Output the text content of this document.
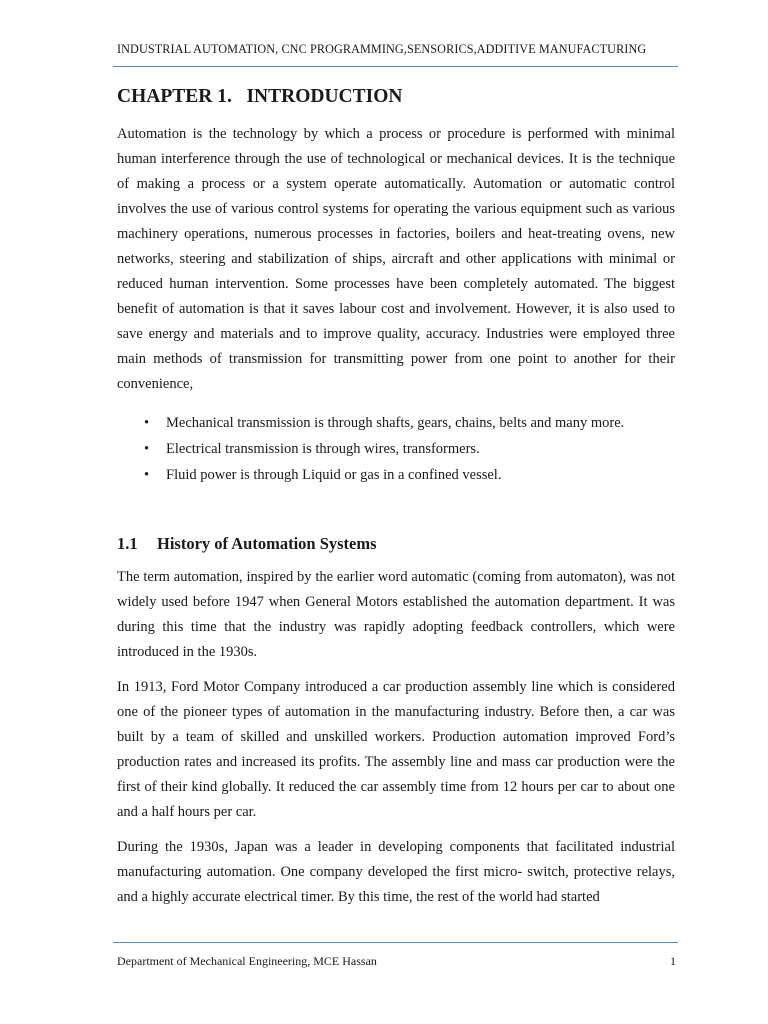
INDUSTRIAL AUTOMATION, CNC PROGRAMMING,SENSORICS,ADDITIVE MANUFACTURING
CHAPTER 1.   INTRODUCTION

Automation is the technology by which a process or procedure is performed with minimal human interference through the use of technological or mechanical devices. It is the technique of making a process or a system operate automatically. Automation or automatic control involves the use of various control systems for operating the various equipment such as various machinery operations, numerous processes in factories, boilers and heat-treating ovens, new networks, steering and stabilization of ships, aircraft and other applications with minimal or reduced human intervention. Some processes have been completely automated. The biggest benefit of automation is that it saves labour cost and involvement. However, it is also used to save energy and materials and to improve quality, accuracy. Industries were employed three main methods of transmission for transmitting power from one point to another for their convenience,

• Mechanical transmission is through shafts, gears, chains, belts and many more.
• Electrical transmission is through wires, transformers.
• Fluid power is through Liquid or gas in a confined vessel.
1.1 History of Automation Systems

The term automation, inspired by the earlier word automatic (coming from automaton), was not widely used before 1947 when General Motors established the automation department. It was during this time that the industry was rapidly adopting feedback controllers, which were introduced in the 1930s.

In 1913, Ford Motor Company introduced a car production assembly line which is considered one of the pioneer types of automation in the manufacturing industry. Before then, a car was built by a team of skilled and unskilled workers. Production automation improved Ford’s production rates and increased its profits. The assembly line and mass car production were the first of their kind globally. It reduced the car assembly time from 12 hours per car to about one and a half hours per car.

During the 1930s, Japan was a leader in developing components that facilitated industrial manufacturing automation. One company developed the first micro- switch, protective relays, and a highly accurate electrical timer. By this time, the rest of the world had started

Department of Mechanical Engineering, MCE Hassan	1
